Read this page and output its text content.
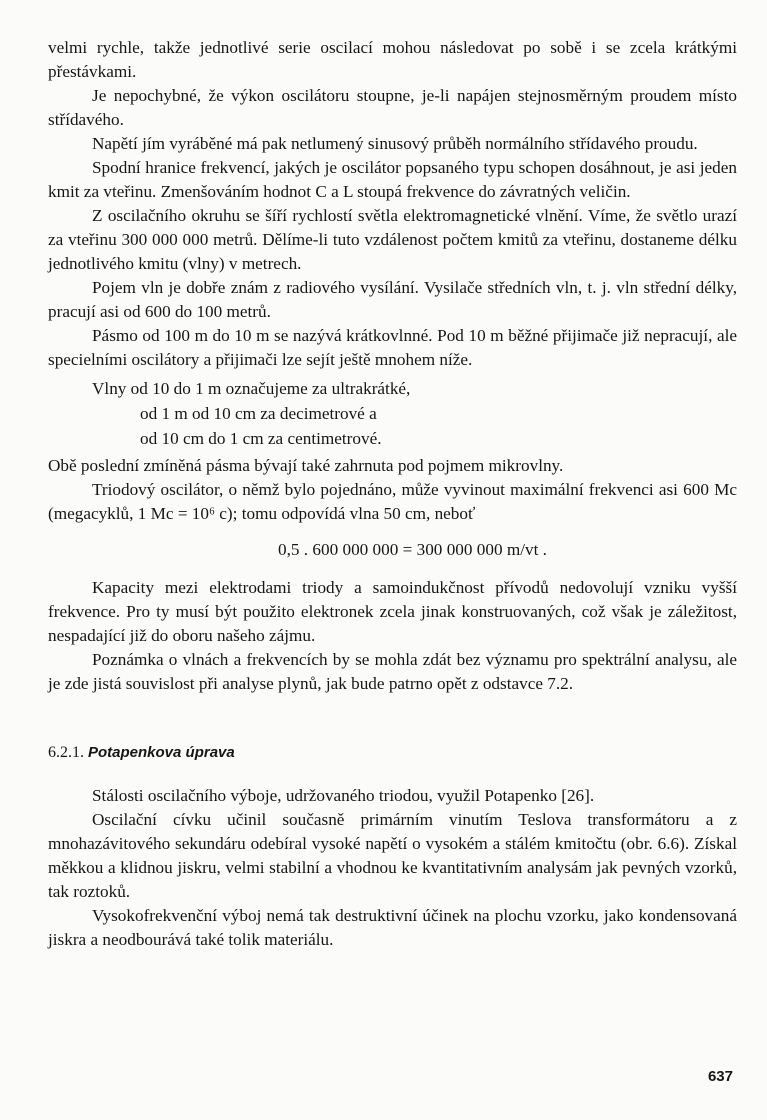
velmi rychle, takže jednotlivé serie oscilací mohou následovat po sobě i se zcela krátkými přestávkami.

Je nepochybné, že výkon oscilátoru stoupne, je-li napájen stejnosměrným proudem místo střídavého.

Napětí jím vyráběné má pak netlumený sinusový průběh normálního střídavého proudu.

Spodní hranice frekvencí, jakých je oscilátor popsaného typu schopen dosáhnout, je asi jeden kmit za vteřinu. Zmenšováním hodnot C a L stoupá frekvence do závratných veličin.

Z oscilačního okruhu se šíří rychlostí světla elektromagnetické vlnění. Víme, že světlo urazí za vteřinu 300 000 000 metrů. Dělíme-li tuto vzdálenost počtem kmitů za vteřinu, dostaneme délku jednotlivého kmitu (vlny) v metrech.

Pojem vln je dobře znám z radiového vysílání. Vysilače středních vln, t. j. vln střední délky, pracují asi od 600 do 100 metrů.

Pásmo od 100 m do 10 m se nazývá krátkovlnné. Pod 10 m běžné přijimače již nepracují, ale specielními oscilátory a přijimači lze sejít ještě mnohem níže.

Vlny od 10 do 1 m označujeme za ultrakrátké,
od 1 m od 10 cm za decimetrové a
od 10 cm do 1 cm za centimetrové.

Obě poslední zmíněná pásma bývají také zahrnuta pod pojmem mikrovlny.

Triodový oscilátor, o němž bylo pojednáno, může vyvinout maximální frekvenci asi 600 Mc (megacyklů, 1 Mc = 10⁶ c); tomu odpovídá vlna 50 cm, neboť

0,5 . 600 000 000 = 300 000 000 m/vt .

Kapacity mezi elektrodami triody a samoindukčnost přívodů nedovolují vzniku vyšší frekvence. Pro ty musí být použito elektronek zcela jinak konstruovaných, což však je záležitost, nespadající již do oboru našeho zájmu.

Poznámka o vlnách a frekvencích by se mohla zdát bez významu pro spektrální analysu, ale je zde jistá souvislost při analyse plynů, jak bude patrno opět z odstavce 7.2.

6.2.1. Potapenkova úprava

Stálosti oscilačního výboje, udržovaného triodou, využil Potapenko [26].

Oscilační cívku učinil současně primárním vinutím Teslova transformátoru a z mnohazávitového sekundáru odebíral vysoké napětí o vysokém a stálém kmitočtu (obr. 6.6). Získal měkkou a klidnou jiskru, velmi stabilní a vhodnou ke kvantitativním analysám jak pevných vzorků, tak roztoků.

Vysokofrekvenční výboj nemá tak destruktivní účinek na plochu vzorku, jako kondensovaná jiskra a neodbourává také tolik materiálu.

637
